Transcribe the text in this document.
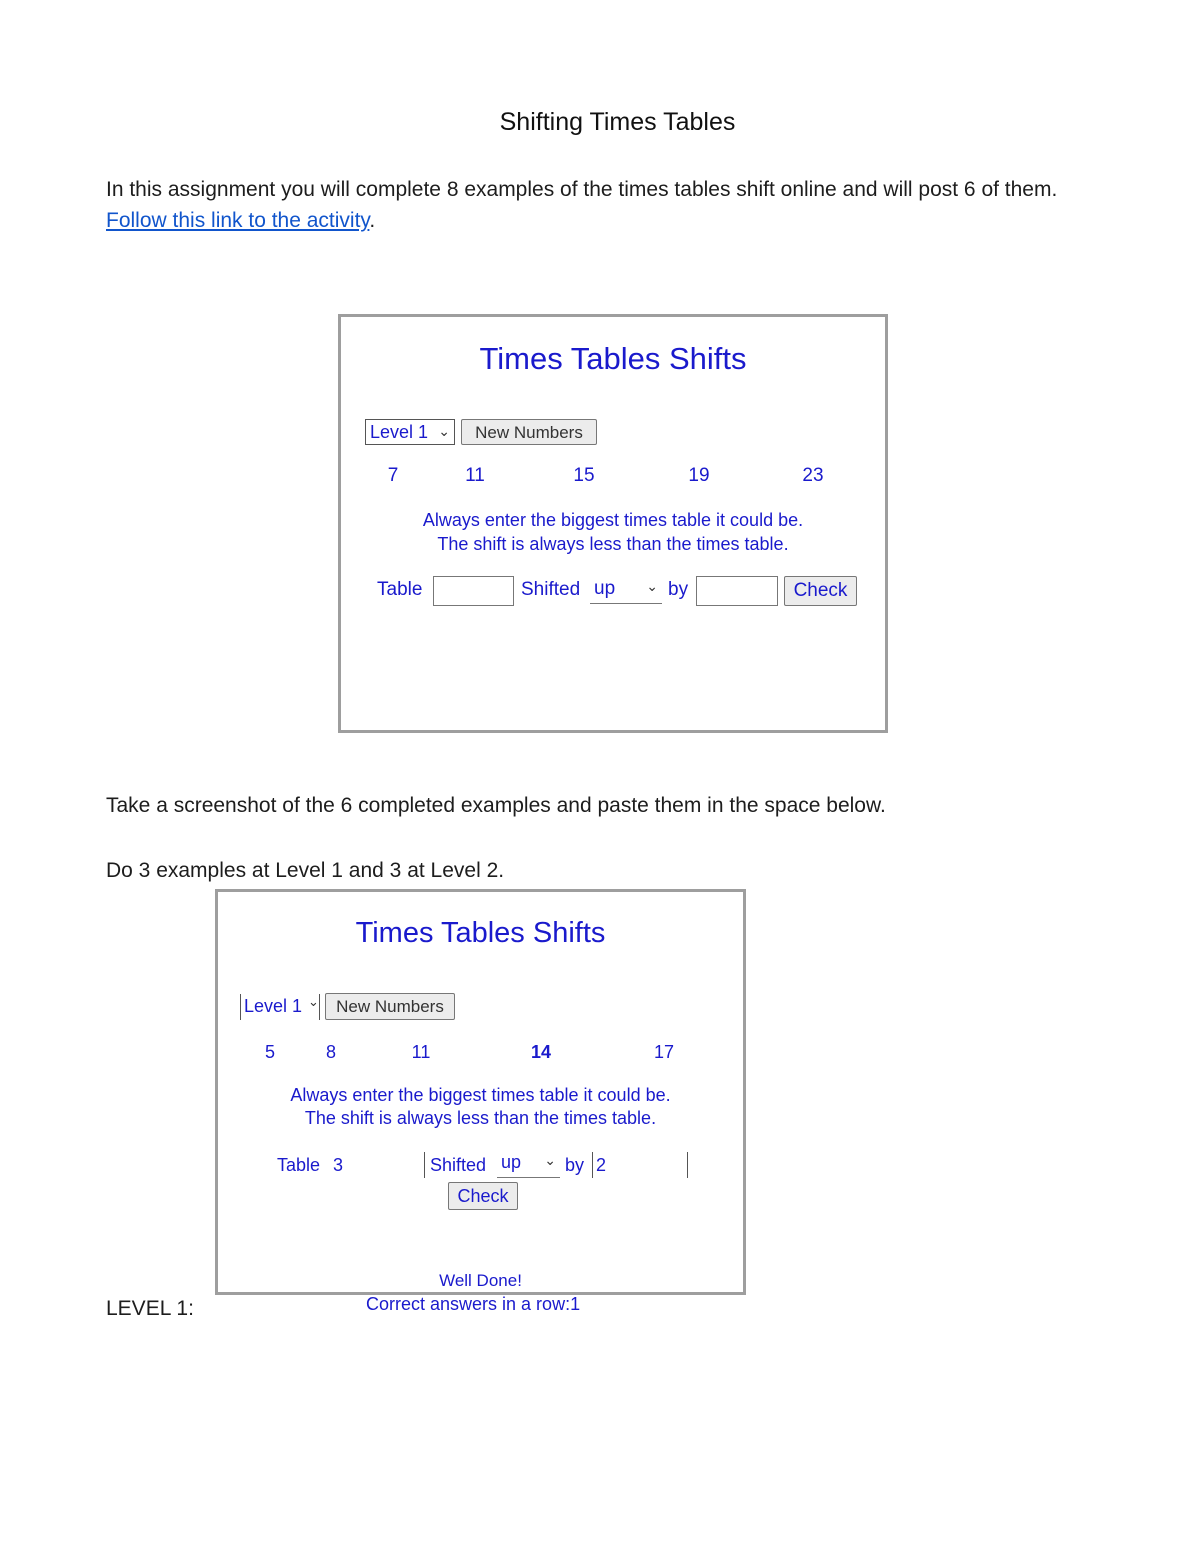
Shifting Times Tables
In this assignment you will complete 8 examples of the times tables shift online and will post 6 of them. Follow this link to the activity.
Times Tables Shifts
Level 1 ⌄	New Numbers
7	11	15	19	23
Always enter the biggest times table it could be.
The shift is always less than the times table.
Table	Shifted up ⌄ by	Check
Take a screenshot of the 6 completed examples and paste them in the space below.
Do 3 examples at Level 1 and 3 at Level 2.
Times Tables Shifts
Level 1 ⌄	New Numbers
5	8	11	14	17
Always enter the biggest times table it could be.
The shift is always less than the times table.
Table 3	Shifted up ⌄ by 2
Check
Well Done!
Correct answers in a row:1
LEVEL 1:
